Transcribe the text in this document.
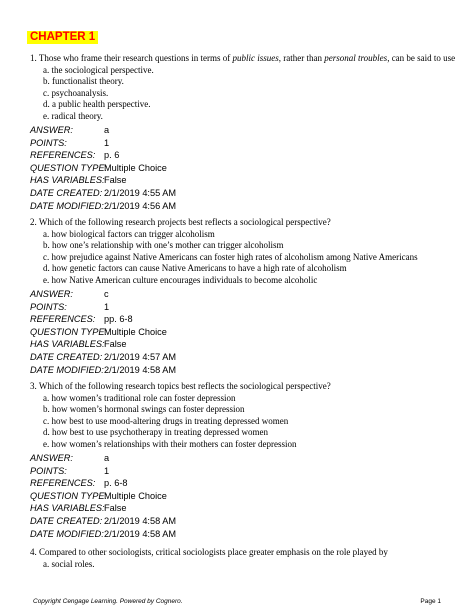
CHAPTER 1
1. Those who frame their research questions in terms of public issues, rather than personal troubles, can be said to use
a. the sociological perspective.
b. functionalist theory.
c. psychoanalysis.
d. a public health perspective.
e. radical theory.
ANSWER:	a
POINTS:	1
REFERENCES: p. 6
QUESTION TYPE:
Multiple Choice
HAS VARIABLES: False
DATE CREATED: 2/1/2019 4:55 AM
DATE MODIFIED: 2/1/2019 4:56 AM
2. Which of the following research projects best reflects a sociological perspective?
a. how biological factors can trigger alcoholism
b. how one’s relationship with one’s mother can trigger alcoholism
c. how prejudice against Native Americans can foster high rates of alcoholism among Native Americans
d. how genetic factors can cause Native Americans to have a high rate of alcoholism
e. how Native American culture encourages individuals to become alcoholic
ANSWER:	c
POINTS:	1
REFERENCES: pp. 6-8
QUESTION TYPE:
Multiple Choice
HAS VARIABLES: False
DATE CREATED: 2/1/2019 4:57 AM
DATE MODIFIED: 2/1/2019 4:58 AM
3. Which of the following research topics best reflects the sociological perspective?
a. how women’s traditional role can foster depression
b. how women’s hormonal swings can foster depression
c. how best to use mood-altering drugs in treating depressed women
d. how best to use psychotherapy in treating depressed women
e. how women’s relationships with their mothers can foster depression
ANSWER:	a
POINTS:	1
REFERENCES: p. 6-8
QUESTION TYPE:
Multiple Choice
HAS VARIABLES: False
DATE CREATED: 2/1/2019 4:58 AM
DATE MODIFIED: 2/1/2019 4:58 AM
4. Compared to other sociologists, critical sociologists place greater emphasis on the role played by
a. social roles.
Copyright Cengage Learning. Powered by Cognero.	Page 1
